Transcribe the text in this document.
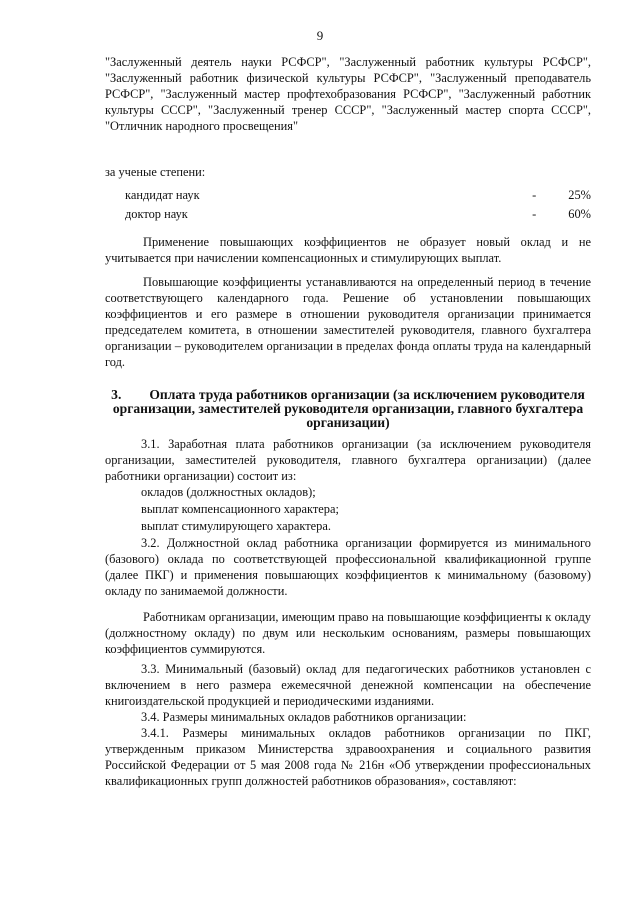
9

"Заслуженный деятель науки РСФСР", "Заслуженный работник культуры РСФСР", "Заслуженный работник физической культуры РСФСР", "Заслуженный преподаватель РСФСР", "Заслуженный мастер профтехобразования РСФСР", "Заслуженный работник культуры СССР", "Заслуженный тренер СССР", "Заслуженный мастер спорта СССР", "Отличник народного просвещения"

за ученые степени:

кандидат наук	-	25%
доктор наук	-	60%

Применение повышающих коэффициентов не образует новый оклад и не учитывается при начислении компенсационных и стимулирующих выплат.

Повышающие коэффициенты устанавливаются на определенный период в течение соответствующего календарного года. Решение об установлении повышающих коэффициентов и его размере в отношении руководителя организации принимается председателем комитета, в отношении заместителей руководителя, главного бухгалтера организации – руководителем организации в пределах фонда оплаты труда на календарный год.

3. Оплата труда работников организации (за исключением руководителя организации, заместителей руководителя организации, главного бухгалтера организации)

3.1. Заработная плата работников организации (за исключением руководителя организации, заместителей руководителя, главного бухгалтера организации) (далее работники организации) состоит из:

окладов (должностных окладов);
выплат компенсационного характера;
выплат стимулирующего характера.

3.2. Должностной оклад работника организации формируется из минимального (базового) оклада по соответствующей профессиональной квалификационной группе (далее ПКГ) и применения повышающих коэффициентов к минимальному (базовому) окладу по занимаемой должности.

Работникам организации, имеющим право на повышающие коэффициенты к окладу (должностному окладу) по двум или нескольким основаниям, размеры повышающих коэффициентов суммируются.

3.3. Минимальный (базовый) оклад для педагогических работников установлен с включением в него размера ежемесячной денежной компенсации на обеспечение книгоиздательской продукцией и периодическими изданиями.

3.4. Размеры минимальных окладов работников организации:

3.4.1. Размеры минимальных окладов работников организации по ПКГ, утвержденным приказом Министерства здравоохранения и социального развития Российской Федерации от 5 мая 2008 года № 216н «Об утверждении профессиональных квалификационных групп должностей работников образования», составляют:
